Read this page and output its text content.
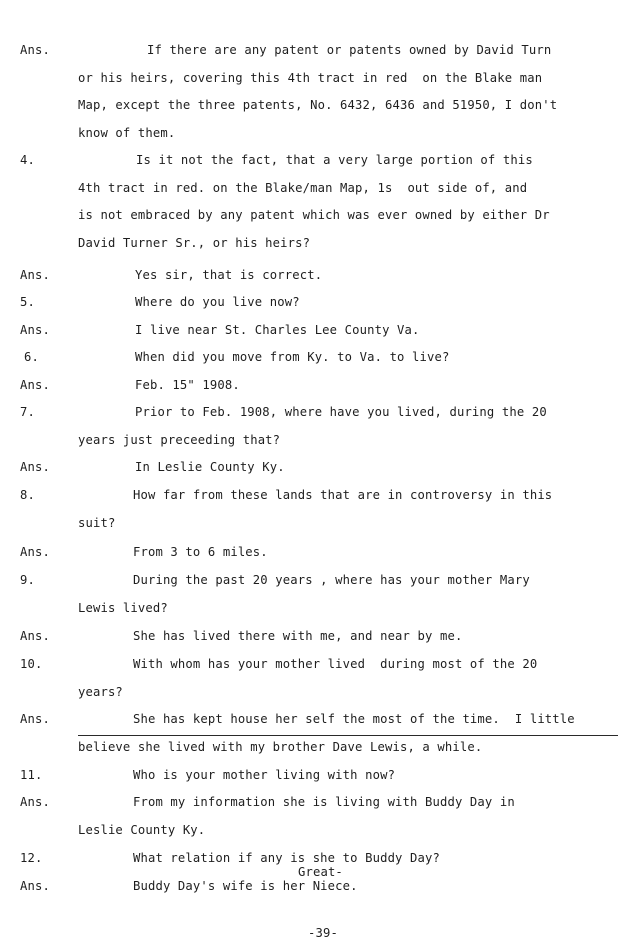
Ans.	If there are any patent or patents owned by David Turn
or his heirs, covering this 4th tract in red  on the Blake man
Map, except the three patents, No. 6432, 6436 and 51950, I don't
know of them.
4.	Is it not the fact, that a very large portion of this
4th tract in red. on the Blake/man Map, 1s  out side of, and
is not embraced by any patent which was ever owned by either Dr
David Turner Sr., or his heirs?
Ans.	Yes sir, that is correct.
5.	Where do you live now?
Ans.	I live near St. Charles Lee County Va.
6.	When did you move from Ky. to Va. to live?
Ans.	Feb. 15" 1908.
7.	Prior to Feb. 1908, where have you lived, during the 20
years just preceeding that?
Ans.	In Leslie County Ky.
8.	How far from these lands that are in controversy in this
suit?
Ans.	From 3 to 6 miles.
9.	During the past 20 years , where has your mother Mary
Lewis lived?
Ans.	She has lived there with me, and near by me.
10.	With whom has your mother lived  during most of the 20
years?
Ans.	She has kept house her self the most of the time.  I little
believe she lived with my brother Dave Lewis, a while.
11.	Who is your mother living with now?
Ans.	From my information she is living with Buddy Day in
Leslie County Ky.
12.	What relation if any is she to Buddy Day?
Ans.	Buddy Day's wife is her Niece.
Great-
-39-
